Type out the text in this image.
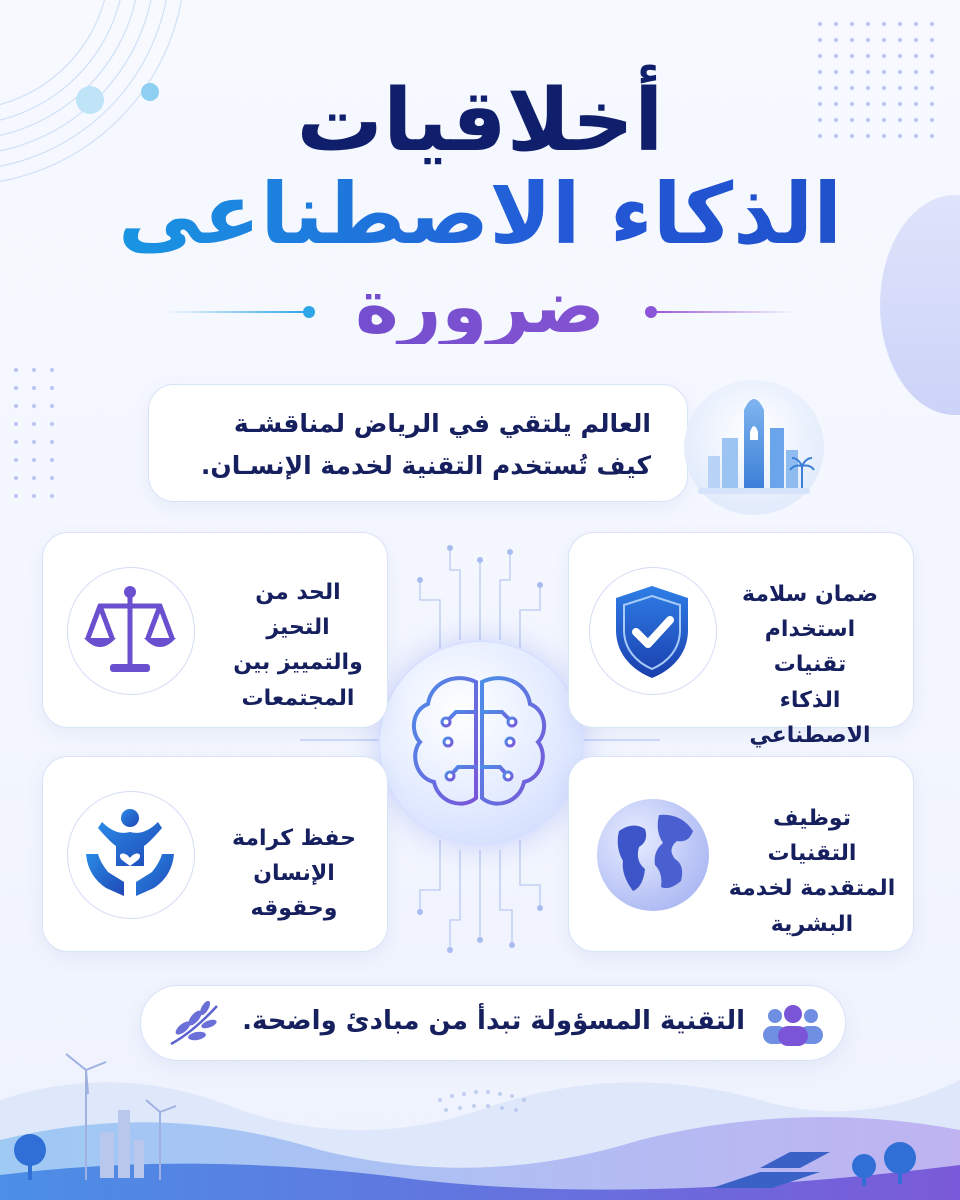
أخلاقيات
الذكاء الاصطناعي
ضرورة

العالم يلتقي في الرياض لمناقشـة

كيف تُستخدم التقنية لخدمة الإنسـان.

ضمان سلامة
استخدام تقنيات
الذكاء الاصطناعي
الحد من التحيز
والتمييز بين
المجتمعات
توظيف التقنيات
المتقدمة لخدمة
البشرية
حفظ كرامة
الإنسان وحقوقه
التقنية المسؤولة تبدأ من مبادئ واضحة.
